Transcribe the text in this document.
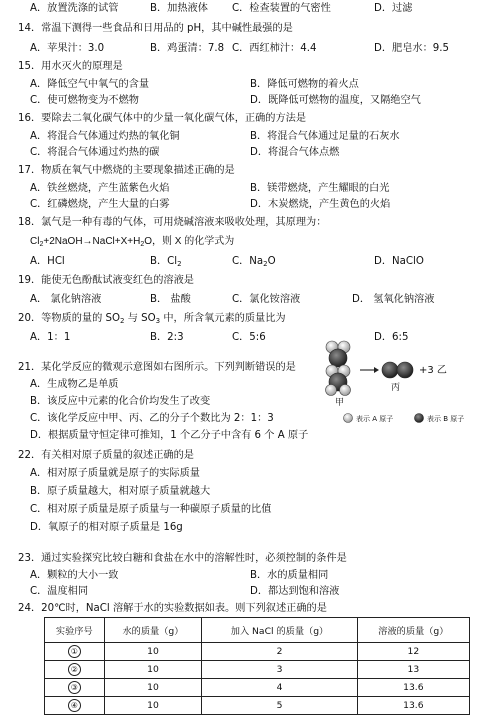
A．放置洗涤的试管	B．加热液体 C．检查装置的气密性	D．过滤
14．常温下测得一些食品和日用品的 pH，其中碱性最强的是
A．苹果汁：3.0	B．鸡蛋清：7.8 C．西红柿汁：4.4	D．肥皂水：9.5
15．用水灭火的原理是
A．降低空气中氧气的含量	B．降低可燃物的着火点
C．使可燃物变为不燃物	D．既降低可燃物的温度，又隔绝空气
16．要除去二氧化碳气体中的少量一氧化碳气体，正确的方法是
A．将混合气体通过灼热的氧化铜	B．将混合气体通过足量的石灰水
C．将混合气体通过灼热的碳	D．将混合气体点燃
17．物质在氧气中燃烧的主要现象描述正确的是
A．铁丝燃烧，产生蓝紫色火焰	B．镁带燃烧，产生耀眼的白光
C．红磷燃烧，产生大量的白雾	D．木炭燃烧，产生黄色的火焰
18．氯气是一种有毒的气体，可用烧碱溶液来吸收处理，其原理为：
$Cl_2+2NaOH\to NaCl+X+H_2O$，则 X 的化学式为
A．HCl	B．$Cl_2$	C．$Na_2O$	D．NaClO
19．能使无色酚酞试液变红色的溶液是
A． 氯化钠溶液	B． 盐酸	C．氯化铵溶液	D． 氢氧化钠溶液
20．等物质的量的 $SO_2$ 与 $SO_3$ 中，所含氧元素的质量比为
A．1：1	B．2:3	C．5:6	D．6:5
21．某化学反应的微观示意图如右图所示。下列判断错误的是
A．生成物乙是单质
B．该反应中元素的化合价均发生了改变
C．该化学反应中甲、丙、乙的分子个数比为 2：1：3
D．根据质量守恒定律可推知，1 个乙分子中含有 6 个 A 原子
甲
丙
+3 乙
表示 A 原子	表示 B 原子
22．有关相对原子质量的叙述正确的是
A．相对原子质量就是原子的实际质量
B．原子质量越大，相对原子质量就越大
C．相对原子质量是原子质量与一种碳原子质量的比值
D．氧原子的相对原子质量是 16g
23．通过实验探究比较白糖和食盐在水中的溶解性时，必须控制的条件是
A．颗粒的大小一致	B．水的质量相同
C．温度相同	D．都达到饱和溶液
24．20℃时，NaCl 溶解于水的实验数据如表。则下列叙述正确的是
实验序号	水的质量（g）	加入 NaCl 的质量（g）	溶液的质量（g）
①	10	2	12
②	10	3	13
③	10	4	13.6
④	10	5	13.6
